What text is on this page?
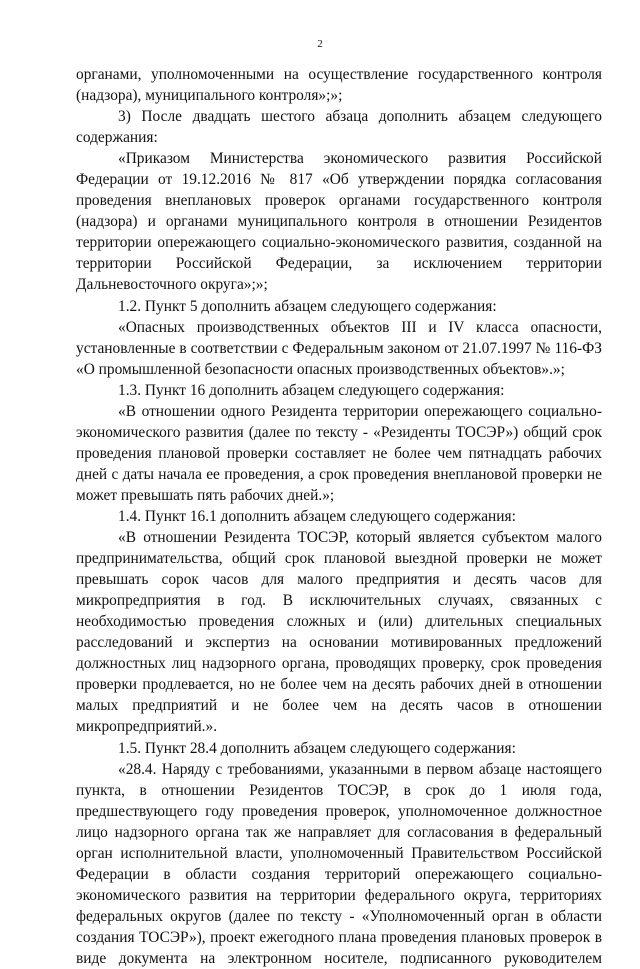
2
органами, уполномоченными на осуществление государственного контроля
(надзора), муниципального контроля»;»;
3) После двадцать шестого абзаца дополнить абзацем следующего
содержания:
«Приказом Министерства экономического развития Российской
Федерации от 19.12.2016 № 817 «Об утверждении порядка согласования
проведения внеплановых проверок органами государственного контроля
(надзора) и органами муниципального контроля в отношении Резидентов
территории опережающего социально-экономического развития, созданной на
территории Российской Федерации, за исключением территории
Дальневосточного округа»;»;
1.2. Пункт 5 дополнить абзацем следующего содержания:
«Опасных производственных объектов III и IV класса опасности,
установленные в соответствии с Федеральным законом от 21.07.1997 № 116-ФЗ
«О промышленной безопасности опасных производственных объектов».»;
1.3. Пункт 16 дополнить абзацем следующего содержания:
«В отношении одного Резидента территории опережающего социально-
экономического развития (далее по тексту - «Резиденты ТОСЭР») общий срок
проведения плановой проверки составляет не более чем пятнадцать рабочих
дней с даты начала ее проведения, а срок проведения внеплановой проверки не
может превышать пять рабочих дней.»;
1.4. Пункт 16.1 дополнить абзацем следующего содержания:
«В отношении Резидента ТОСЭР, который является субъектом малого
предпринимательства, общий срок плановой выездной проверки не может
превышать сорок часов для малого предприятия и десять часов для
микропредприятия в год. В исключительных случаях, связанных с
необходимостью проведения сложных и (или) длительных специальных
расследований и экспертиз на основании мотивированных предложений
должностных лиц надзорного органа, проводящих проверку, срок проведения
проверки продлевается, но не более чем на десять рабочих дней в отношении
малых предприятий и не более чем на десять часов в отношении
микропредприятий.».
1.5. Пункт 28.4 дополнить абзацем следующего содержания:
«28.4. Наряду с требованиями, указанными в первом абзаце настоящего
пункта, в отношении Резидентов ТОСЭР, в срок до 1 июля года,
предшествующего году проведения проверок, уполномоченное должностное
лицо надзорного органа так же направляет для согласования в федеральный
орган исполнительной власти, уполномоченный Правительством Российской
Федерации в области создания территорий опережающего социально-
экономического развития на территории федерального округа, территориях
федеральных округов (далее по тексту - «Уполномоченный орган в области
создания ТОСЭР»), проект ежегодного плана проведения плановых проверок в
виде документа на электронном носителе, подписанного руководителем
